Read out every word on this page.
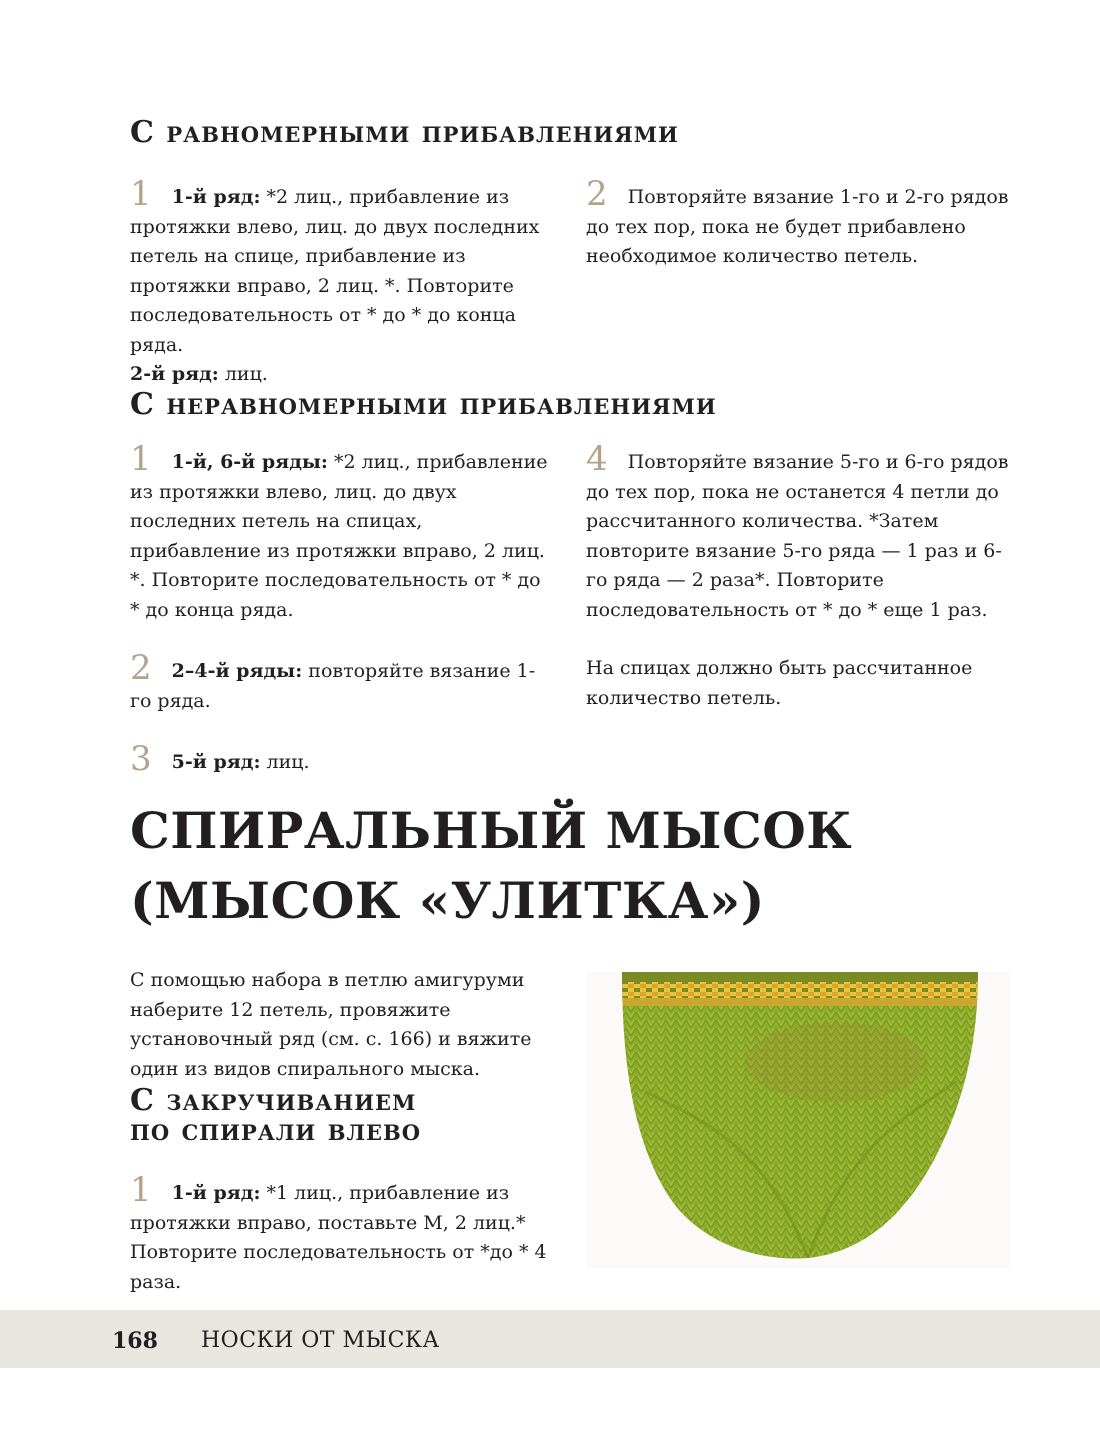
С равномерными прибавлениями

1 1-й ряд: *2 лиц., прибавление из протяжки влево, лиц. до двух последних петель на спице, прибавление из протяжки вправо, 2 лиц. *. Повторите последовательность от * до * до конца ряда.

2-й ряд: лиц.

2 Повторяйте вязание 1-го и 2-го рядов до тех пор, пока не будет прибавлено необходимое количество петель.

С неравномерными прибавлениями

1 1-й, 6-й ряды: *2 лиц., прибавление из протяжки влево, лиц. до двух последних петель на спицах, прибавление из протяжки вправо, 2 лиц. *. Повторите последовательность от * до * до конца ряда.

2 2–4-й ряды: повторяйте вязание 1-го ряда.

3 5-й ряд: лиц.

4 Повторяйте вязание 5-го и 6-го рядов до тех пор, пока не останется 4 петли до рассчитанного количества. *Затем повторите вязание 5-го ряда — 1 раз и 6-го ряда — 2 раза*. Повторите последовательность от * до * еще 1 раз.

На спицах должно быть рассчитанное количество петель.

СПИРАЛЬНЫЙ МЫСОК
(МЫСОК «УЛИТКА»)

С помощью набора в петлю амигуруми наберите 12 петель, провяжите установочный ряд (см. с. 166) и вяжите один из видов спирального мыска.

С закручиванием
по спирали влево

1 1-й ряд: *1 лиц., прибавление из протяжки вправо, поставьте М, 2 лиц.* Повторите последовательность от *до * 4 раза.

168 НОСКИ ОТ МЫСКА
